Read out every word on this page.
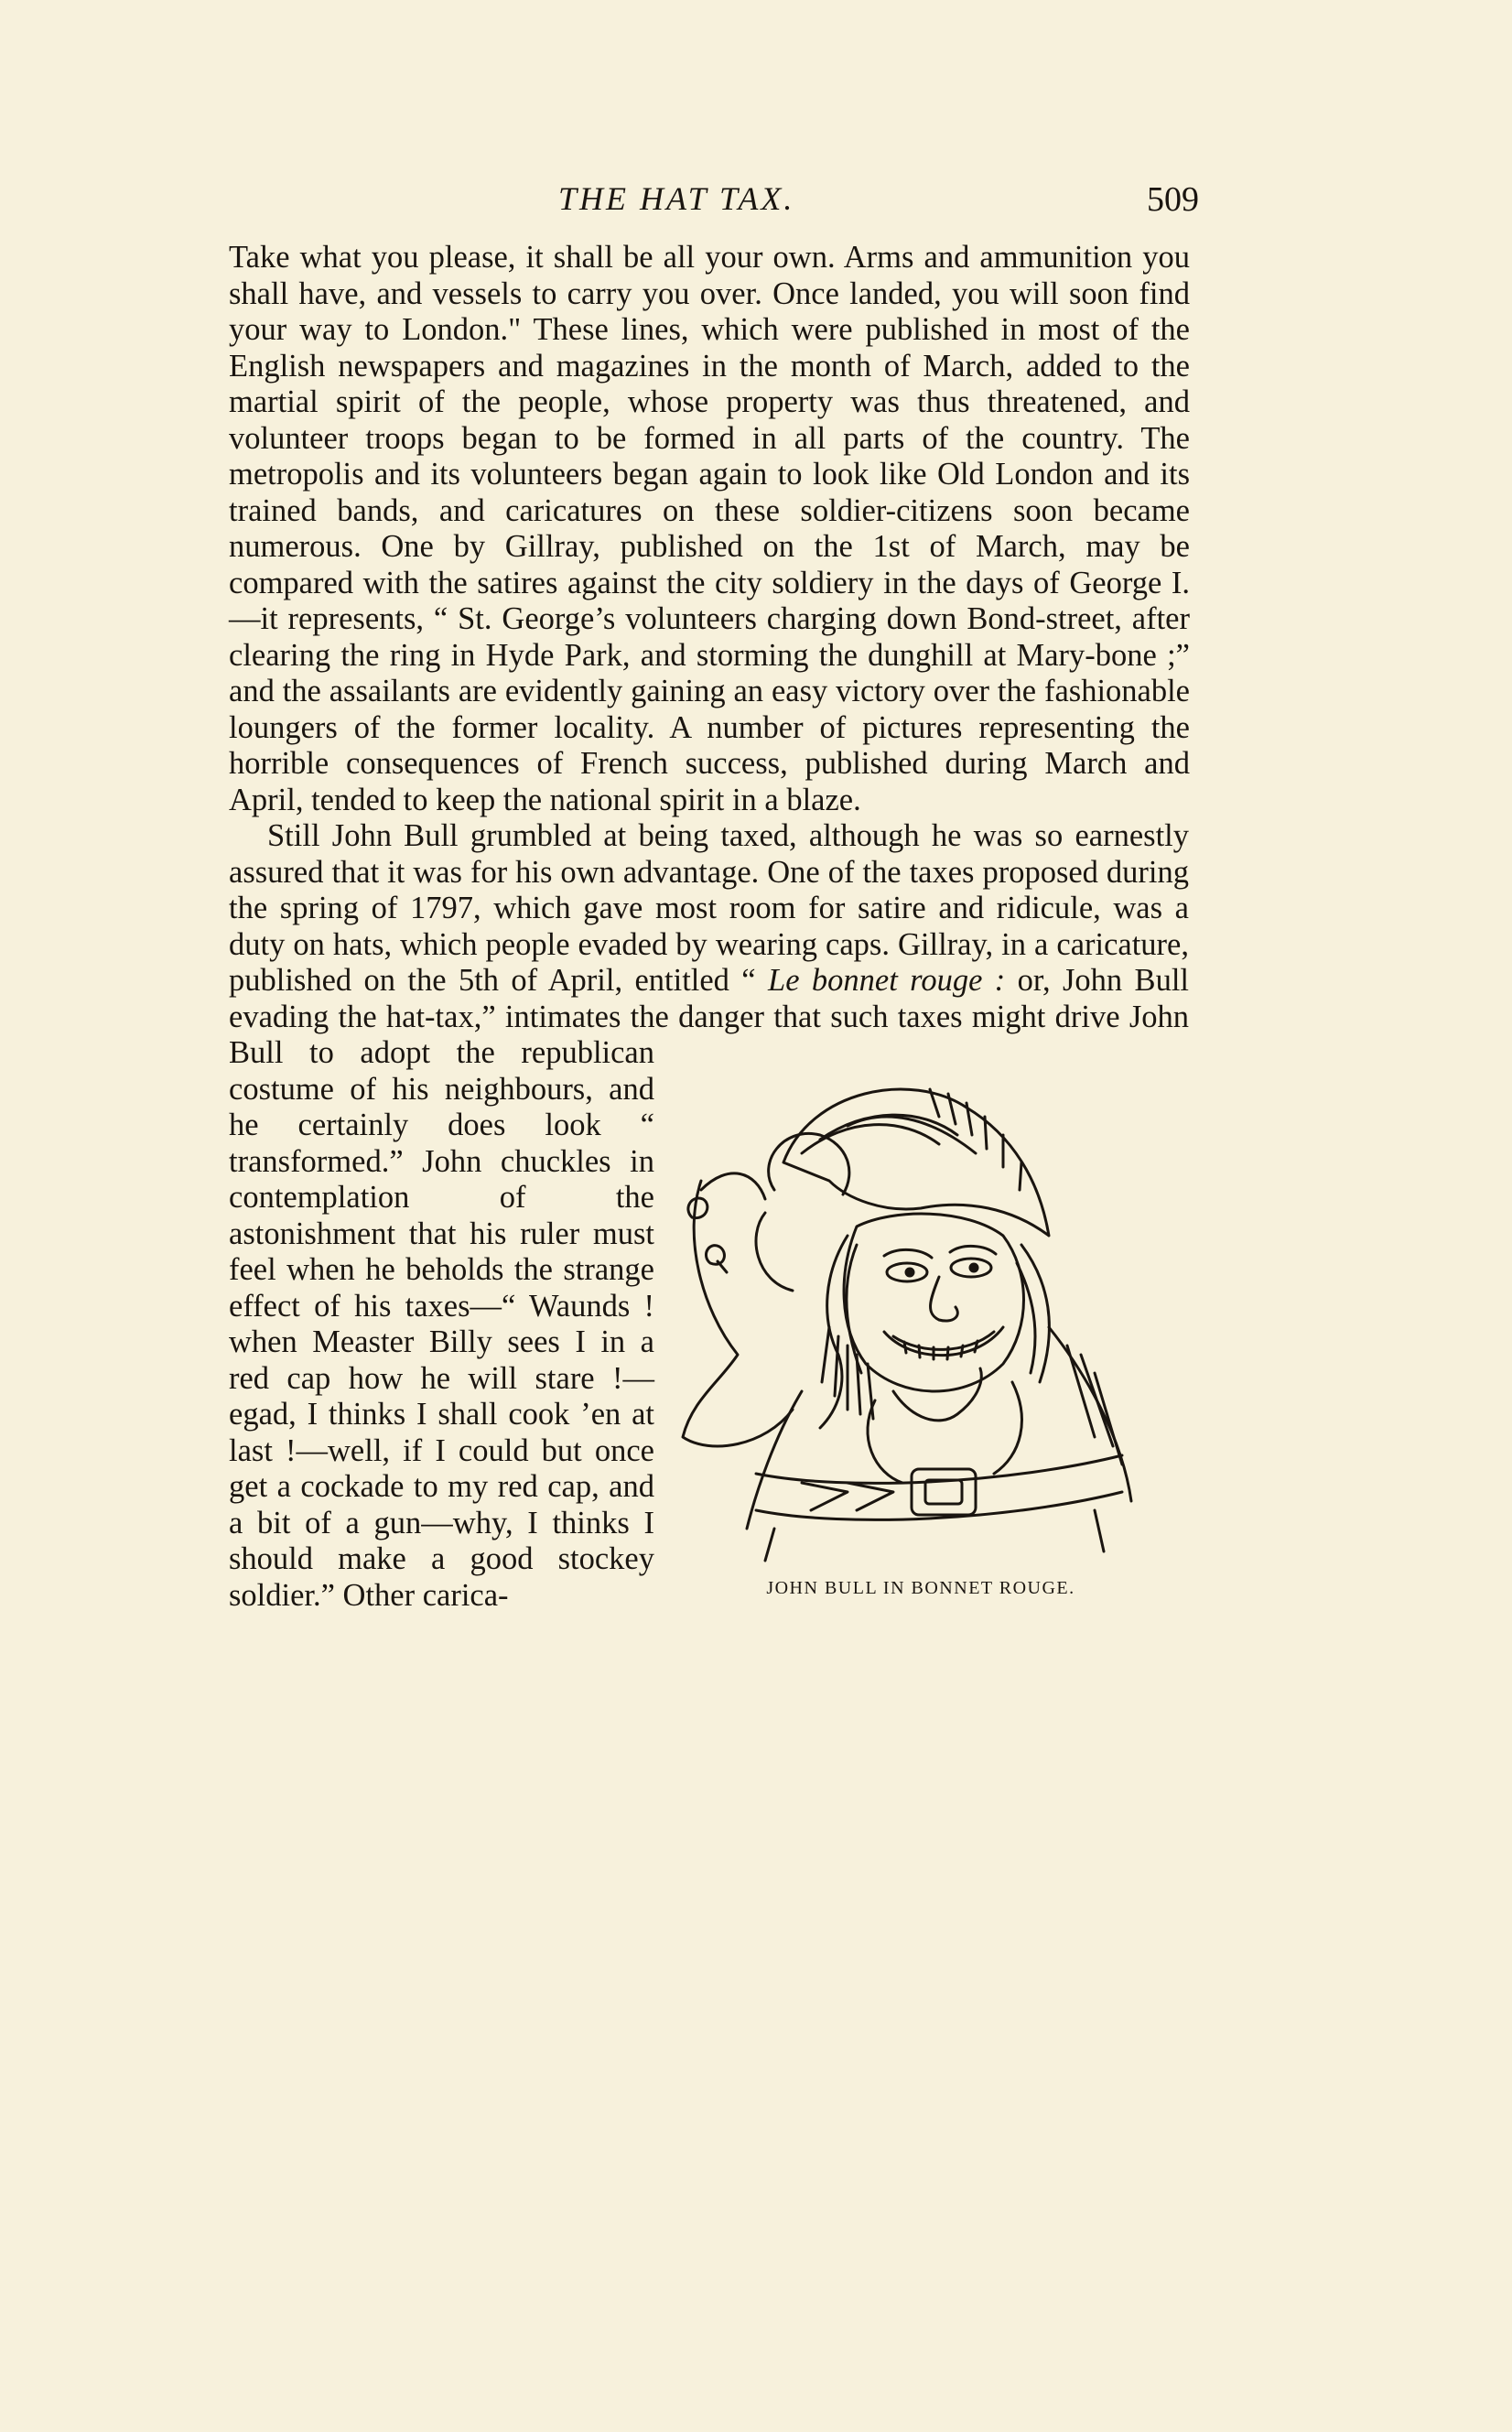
THE HAT TAX.	509

Take what you please, it shall be all your own. Arms and ammunition you shall have, and vessels to carry you over. Once landed, you will soon find your way to London." These lines, which were published in most of the English newspapers and magazines in the month of March, added to the martial spirit of the people, whose property was thus threatened, and volunteer troops began to be formed in all parts of the country. The metropolis and its volunteers began again to look like Old London and its trained bands, and caricatures on these soldier-citizens soon became numerous. One by Gillray, published on the 1st of March, may be compared with the satires against the city soldiery in the days of George I.—it represents, “ St. George’s volunteers charging down Bond-street, after clearing the ring in Hyde Park, and storming the dunghill at Mary-bone ;” and the assailants are evidently gaining an easy victory over the fashionable loungers of the former locality. A number of pictures representing the horrible consequences of French success, published during March and April, tended to keep the national spirit in a blaze.

Still John Bull grumbled at being taxed, although he was so earnestly assured that it was for his own advantage. One of the taxes proposed during the spring of 1797, which gave most room for satire and ridicule, was a duty on hats, which people evaded by wearing caps. Gillray, in a caricature, published on the 5th of April, entitled “ Le bonnet rouge : or, John Bull evading the hat-tax,” intimates the danger that such taxes might drive John Bull to adopt the republican costume of his neighbours, and he certainly does look “ transformed.” John chuckles in contemplation of the astonishment that his ruler must feel when he beholds the strange effect of his taxes—“ Waunds ! when Measter Billy sees I in a red cap how he will stare !—egad, I thinks I shall cook ’en at last !—well, if I could but once get a cockade to my red cap, and a bit of a gun—why, I thinks I should make a good stockey soldier.” Other carica-	JOHN BULL IN BONNET ROUGE.
